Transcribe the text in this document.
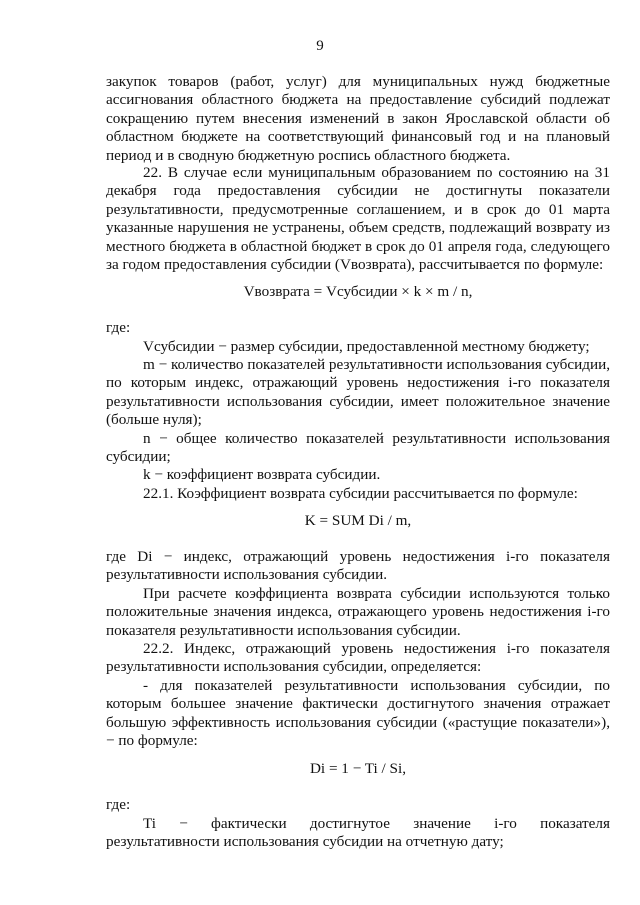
9

закупок товаров (работ, услуг) для муниципальных нужд бюджетные ассигнования областного бюджета на предоставление субсидий подлежат сокращению путем внесения изменений в закон Ярославской области об областном бюджете на соответствующий финансовый год и на плановый период и в сводную бюджетную роспись областного бюджета.

22. В случае если муниципальным образованием по состоянию на 31 декабря года предоставления субсидии не достигнуты показатели результативности, предусмотренные соглашением, и в срок до 01 марта указанные нарушения не устранены, объем средств, подлежащий возврату из местного бюджета в областной бюджет в срок до 01 апреля года, следующего за годом предоставления субсидии (Vвозврата), рассчитывается по формуле:

Vвозврата = Vсубсидии × k × m / n,

где:

Vсубсидии − размер субсидии, предоставленной местному бюджету;

m − количество показателей результативности использования субсидии, по которым индекс, отражающий уровень недостижения i-го показателя результативности использования субсидии, имеет положительное значение (больше нуля);

n − общее количество показателей результативности использования субсидии;

k − коэффициент возврата субсидии.

22.1. Коэффициент возврата субсидии рассчитывается по формуле:

K = SUM Di / m,

где Di − индекс, отражающий уровень недостижения i-го показателя результативности использования субсидии.

При расчете коэффициента возврата субсидии используются только положительные значения индекса, отражающего уровень недостижения i-го показателя результативности использования субсидии.

22.2. Индекс, отражающий уровень недостижения i-го показателя результативности использования субсидии, определяется:

- для показателей результативности использования субсидии, по которым большее значение фактически достигнутого значения отражает большую эффективность использования субсидии («растущие показатели»), − по формуле:

Di = 1 − Ti / Si,

где:

Ti − фактически достигнутое значение i-го показателя результативности использования субсидии на отчетную дату;
